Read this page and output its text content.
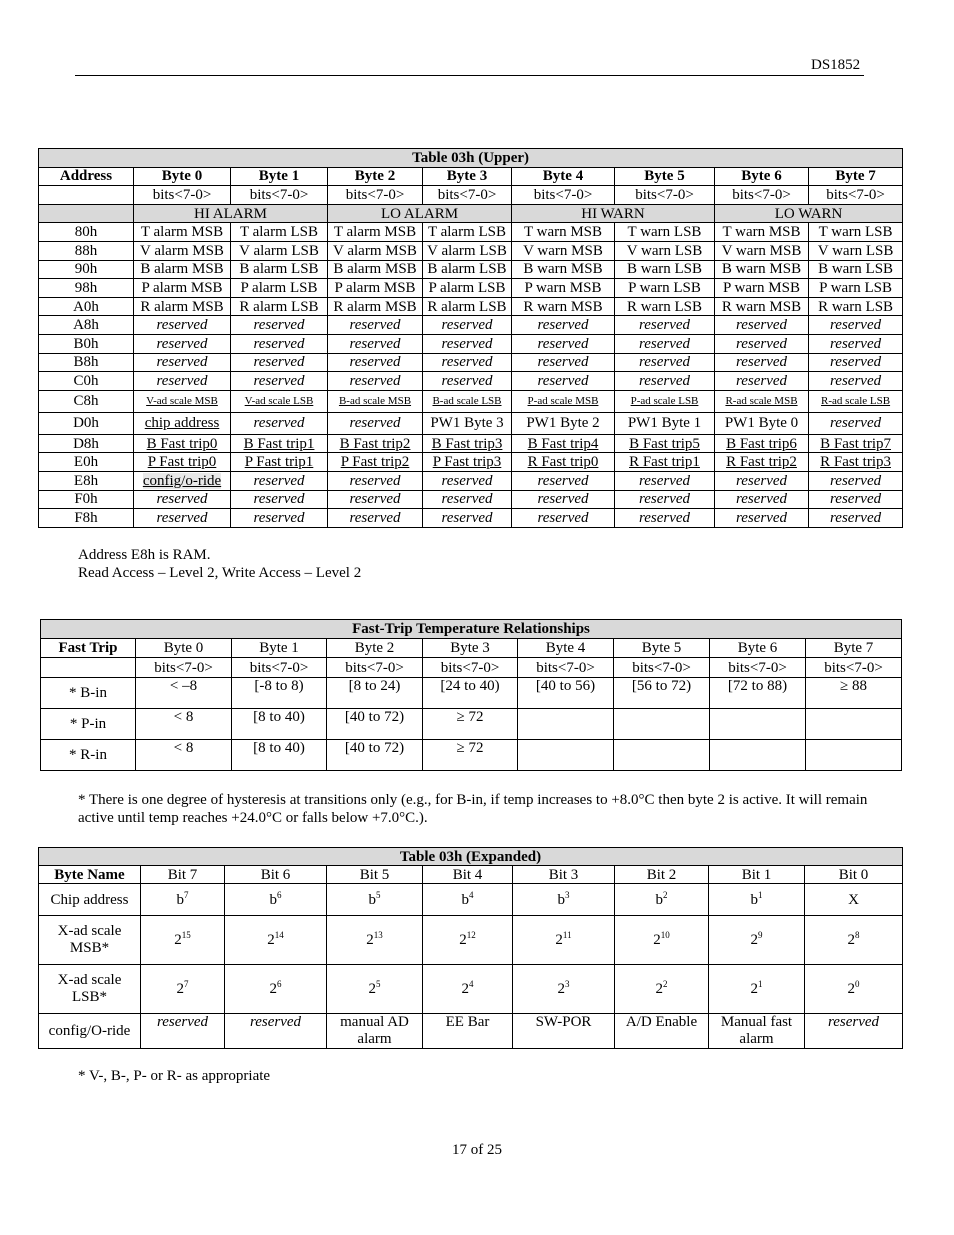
DS1852
Table 03h (Upper)								
Address	Byte 0	Byte 1	Byte 2	Byte 3	Byte 4	Byte 5	Byte 6	Byte 7
	bits<7-0>	bits<7-0>	bits<7-0>	bits<7-0>	bits<7-0>	bits<7-0>	bits<7-0>	bits<7-0>
	HI ALARM		LO ALARM		HI WARN		LO WARN	
80h	T alarm MSB	T alarm LSB	T alarm MSB	T alarm LSB	T warn MSB	T warn LSB	T warn MSB	T warn LSB
88h	V alarm MSB	V alarm LSB	V alarm MSB	V alarm LSB	V warn MSB	V warn LSB	V warn MSB	V warn LSB
90h	B alarm MSB	B alarm LSB	B alarm MSB	B alarm LSB	B warn MSB	B warn LSB	B warn MSB	B warn LSB
98h	P alarm MSB	P alarm LSB	P alarm MSB	P alarm LSB	P warn MSB	P warn LSB	P warn MSB	P warn LSB
A0h	R alarm MSB	R alarm LSB	R alarm MSB	R alarm LSB	R warn MSB	R warn LSB	R warn MSB	R warn LSB
A8h	reserved	reserved	reserved	reserved	reserved	reserved	reserved	reserved
B0h	reserved	reserved	reserved	reserved	reserved	reserved	reserved	reserved
B8h	reserved	reserved	reserved	reserved	reserved	reserved	reserved	reserved
C0h	reserved	reserved	reserved	reserved	reserved	reserved	reserved	reserved
C8h	V-ad scale MSB	V-ad scale LSB	B-ad scale MSB	B-ad scale LSB	P-ad scale MSB	P-ad scale LSB	R-ad scale MSB	R-ad scale LSB
D0h	chip address	reserved	reserved	PW1 Byte 3	PW1 Byte 2	PW1 Byte 1	PW1 Byte 0	reserved
D8h	B Fast trip0	B Fast trip1	B Fast trip2	B Fast trip3	B Fast trip4	B Fast trip5	B Fast trip6	B Fast trip7
E0h	P Fast trip0	P Fast trip1	P Fast trip2	P Fast trip3	R Fast trip0	R Fast trip1	R Fast trip2	R Fast trip3
E8h	config/o-ride	reserved	reserved	reserved	reserved	reserved	reserved	reserved
F0h	reserved	reserved	reserved	reserved	reserved	reserved	reserved	reserved
F8h	reserved	reserved	reserved	reserved	reserved	reserved	reserved	reserved
Address E8h is RAM.
Read Access – Level 2, Write Access – Level 2
Fast-Trip Temperature Relationships								
Fast Trip	Byte 0	Byte 1	Byte 2	Byte 3	Byte 4	Byte 5	Byte 6	Byte 7
	bits<7-0>	bits<7-0>	bits<7-0>	bits<7-0>	bits<7-0>	bits<7-0>	bits<7-0>	bits<7-0>
* B-in	< –8	[-8 to 8)	[8 to 24)	[24 to 40)	[40 to 56)	[56 to 72)	[72 to 88)	≥ 88
* P-in	< 8	[8 to 40)	[40 to 72)	≥ 72				
* R-in	< 8	[8 to 40)	[40 to 72)	≥ 72				
* There is one degree of hysteresis at transitions only (e.g., for B-in, if temp increases to +8.0°C then byte 2 is active. It will remain active until temp reaches +24.0°C or falls below +7.0°C.).
Table 03h (Expanded)								
Byte Name	Bit 7	Bit 6	Bit 5	Bit 4	Bit 3	Bit 2	Bit 1	Bit 0
Chip address	$b^7$	$b^6$	$b^5$	$b^4$	$b^3$	$b^2$	$b^1$	X
X-ad scale MSB*	$2^{15}$	$2^{14}$	$2^{13}$	$2^{12}$	$2^{11}$	$2^{10}$	$2^9$	$2^8$
X-ad scale LSB*	$2^7$	$2^6$	$2^5$	$2^4$	$2^3$	$2^2$	$2^1$	$2^0$
config/O-ride	reserved	reserved	manual AD alarm	EE Bar	SW-POR	A/D Enable	Manual fast alarm	reserved
* V-, B-, P- or R- as appropriate
17 of 25
